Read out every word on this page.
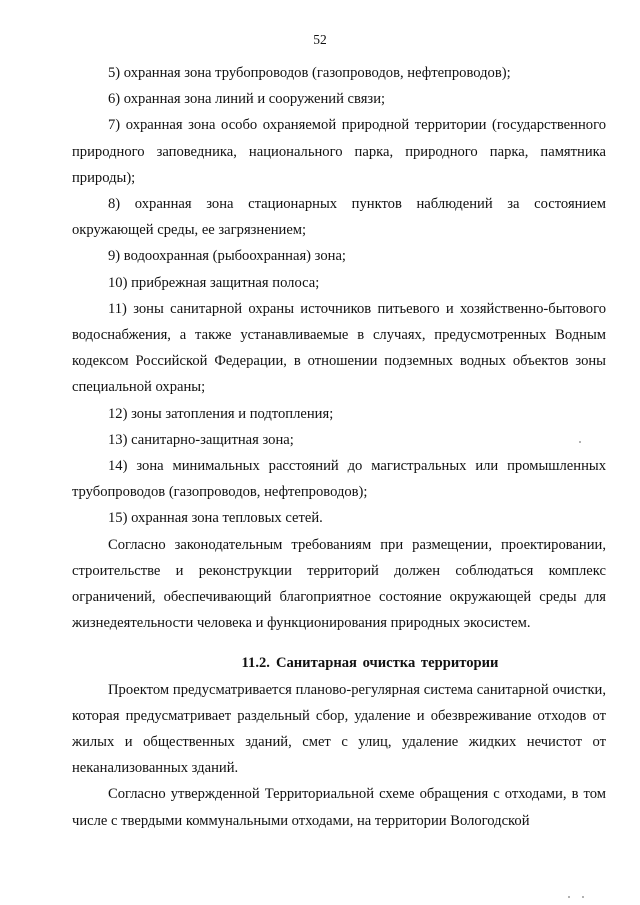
52

5) охранная зона трубопроводов (газопроводов, нефтепроводов);

6) охранная зона линий и сооружений связи;

7) охранная зона особо охраняемой природной территории (государственного природного заповедника, национального парка, природного парка, памятника природы);

8) охранная зона стационарных пунктов наблюдений за состоянием окружающей среды, ее загрязнением;

9) водоохранная (рыбоохранная) зона;

10) прибрежная защитная полоса;

11) зоны санитарной охраны источников питьевого и хозяйственно-бытового водоснабжения, а также устанавливаемые в случаях, предусмотренных Водным кодексом Российской Федерации, в отношении подземных водных объектов зоны специальной охраны;

12) зоны затопления и подтопления;

13) санитарно-защитная зона;

14) зона минимальных расстояний до магистральных или промышленных трубопроводов (газопроводов, нефтепроводов);

15) охранная зона тепловых сетей.

Согласно законодательным требованиям при размещении, проектировании, строительстве и реконструкции территорий должен соблюдаться комплекс ограничений, обеспечивающий благоприятное состояние окружающей среды для жизнедеятельности человека и функционирования природных экосистем.

11.2. Санитарная очистка территории

Проектом предусматривается планово-регулярная система санитарной очистки, которая предусматривает раздельный сбор, удаление и обезвреживание отходов от жилых и общественных зданий, смет с улиц, удаление жидких нечистот от неканализованных зданий.

Согласно утвержденной Территориальной схеме обращения с отходами, в том числе с твердыми коммунальными отходами, на территории Вологодской
